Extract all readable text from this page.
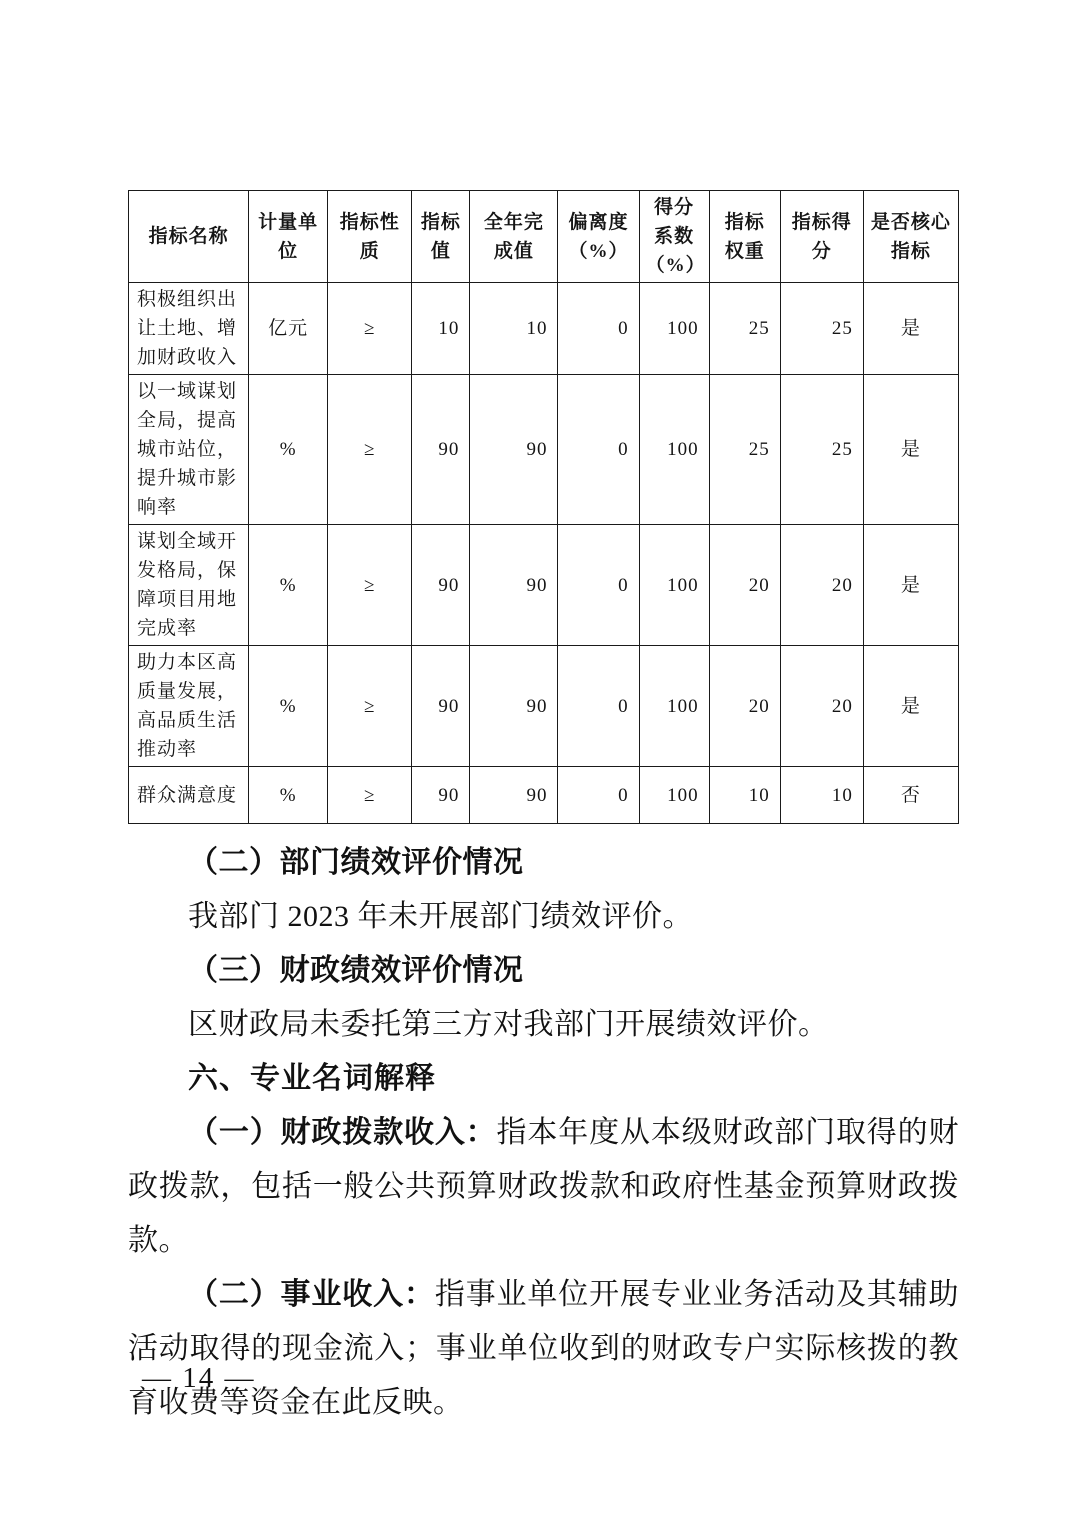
指标名称	计量单位	指标性质	指标值	全年完成值	偏离度（%）	得分系数（%）	指标权重	指标得分	是否核心指标
积极组织出让土地、增加财政收入	亿元	≥	10	10	0	100	25	25	是
以一域谋划全局，提高城市站位，提升城市影响率	%	≥	90	90	0	100	25	25	是
谋划全域开发格局，保障项目用地完成率	%	≥	90	90	0	100	20	20	是
助力本区高质量发展，高品质生活推动率	%	≥	90	90	0	100	20	20	是
群众满意度	%	≥	90	90	0	100	10	10	否
（二）部门绩效评价情况
我部门 2023 年未开展部门绩效评价。
（三）财政绩效评价情况
区财政局未委托第三方对我部门开展绩效评价。
六、专业名词解释

（一）财政拨款收入：指本年度从本级财政部门取得的财政拨款，包括一般公共预算财政拨款和政府性基金预算财政拨款。

（二）事业收入：指事业单位开展专业业务活动及其辅助活动取得的现金流入；事业单位收到的财政专户实际核拨的教育收费等资金在此反映。

— 14 —
